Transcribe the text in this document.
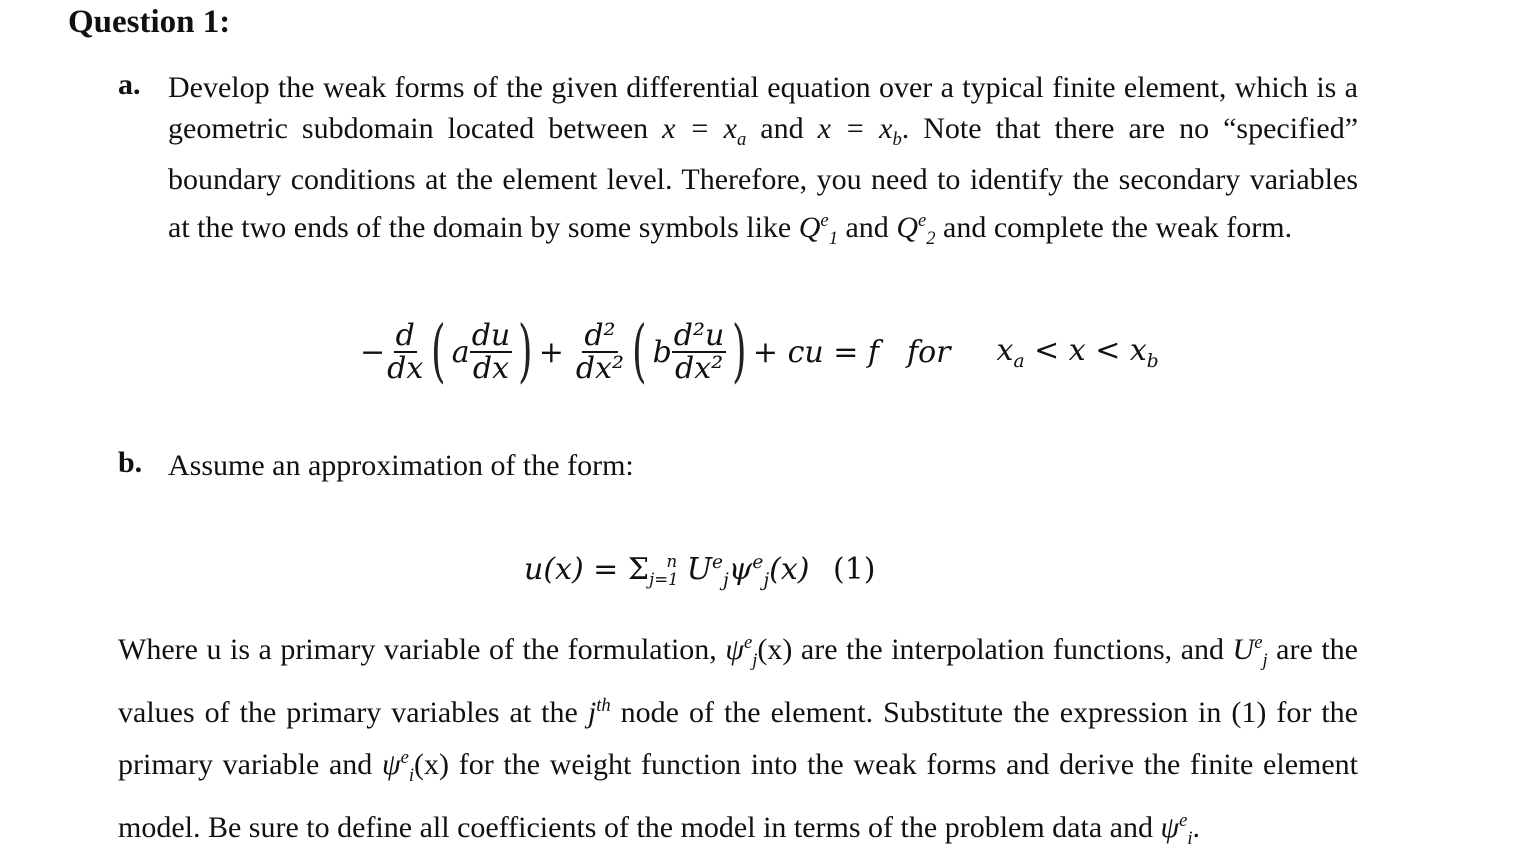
Question 1:
a. Develop the weak forms of the given differential equation over a typical finite element, which is a geometric subdomain located between $x = x_a$ and $x = x_b$. Note that there are no “specified” boundary conditions at the element level. Therefore, you need to identify the secondary variables at the two ends of the domain by some symbols like $Q^e_1$ and $Q^e_2$ and complete the weak form.
− $\frac{d}{dx}$ ( a $\frac{du}{dx}$ ) + $\frac{\text{d²}}{\text{dx²}}$ ( b $\frac{\text{d²u}}{\text{dx²}}$ ) + cu = f for $x_a < x < x_b$
b. Assume an approximation of the form:
$u(x) = \Sigma_{j=1}^n$ $U^e_j\psi^e_j(x)$ (1)
Where u is a primary variable of the formulation, $\psi^e_j(x)$ are the interpolation functions, and $U^e_j$ are the values of the primary variables at the $j^{th}$ node of the element. Substitute the expression in (1) for the primary variable and $\psi^e_i(x)$ for the weight function into the weak forms and derive the finite element model. Be sure to define all coefficients of the model in terms of the problem data and $\psi^e_i$.
